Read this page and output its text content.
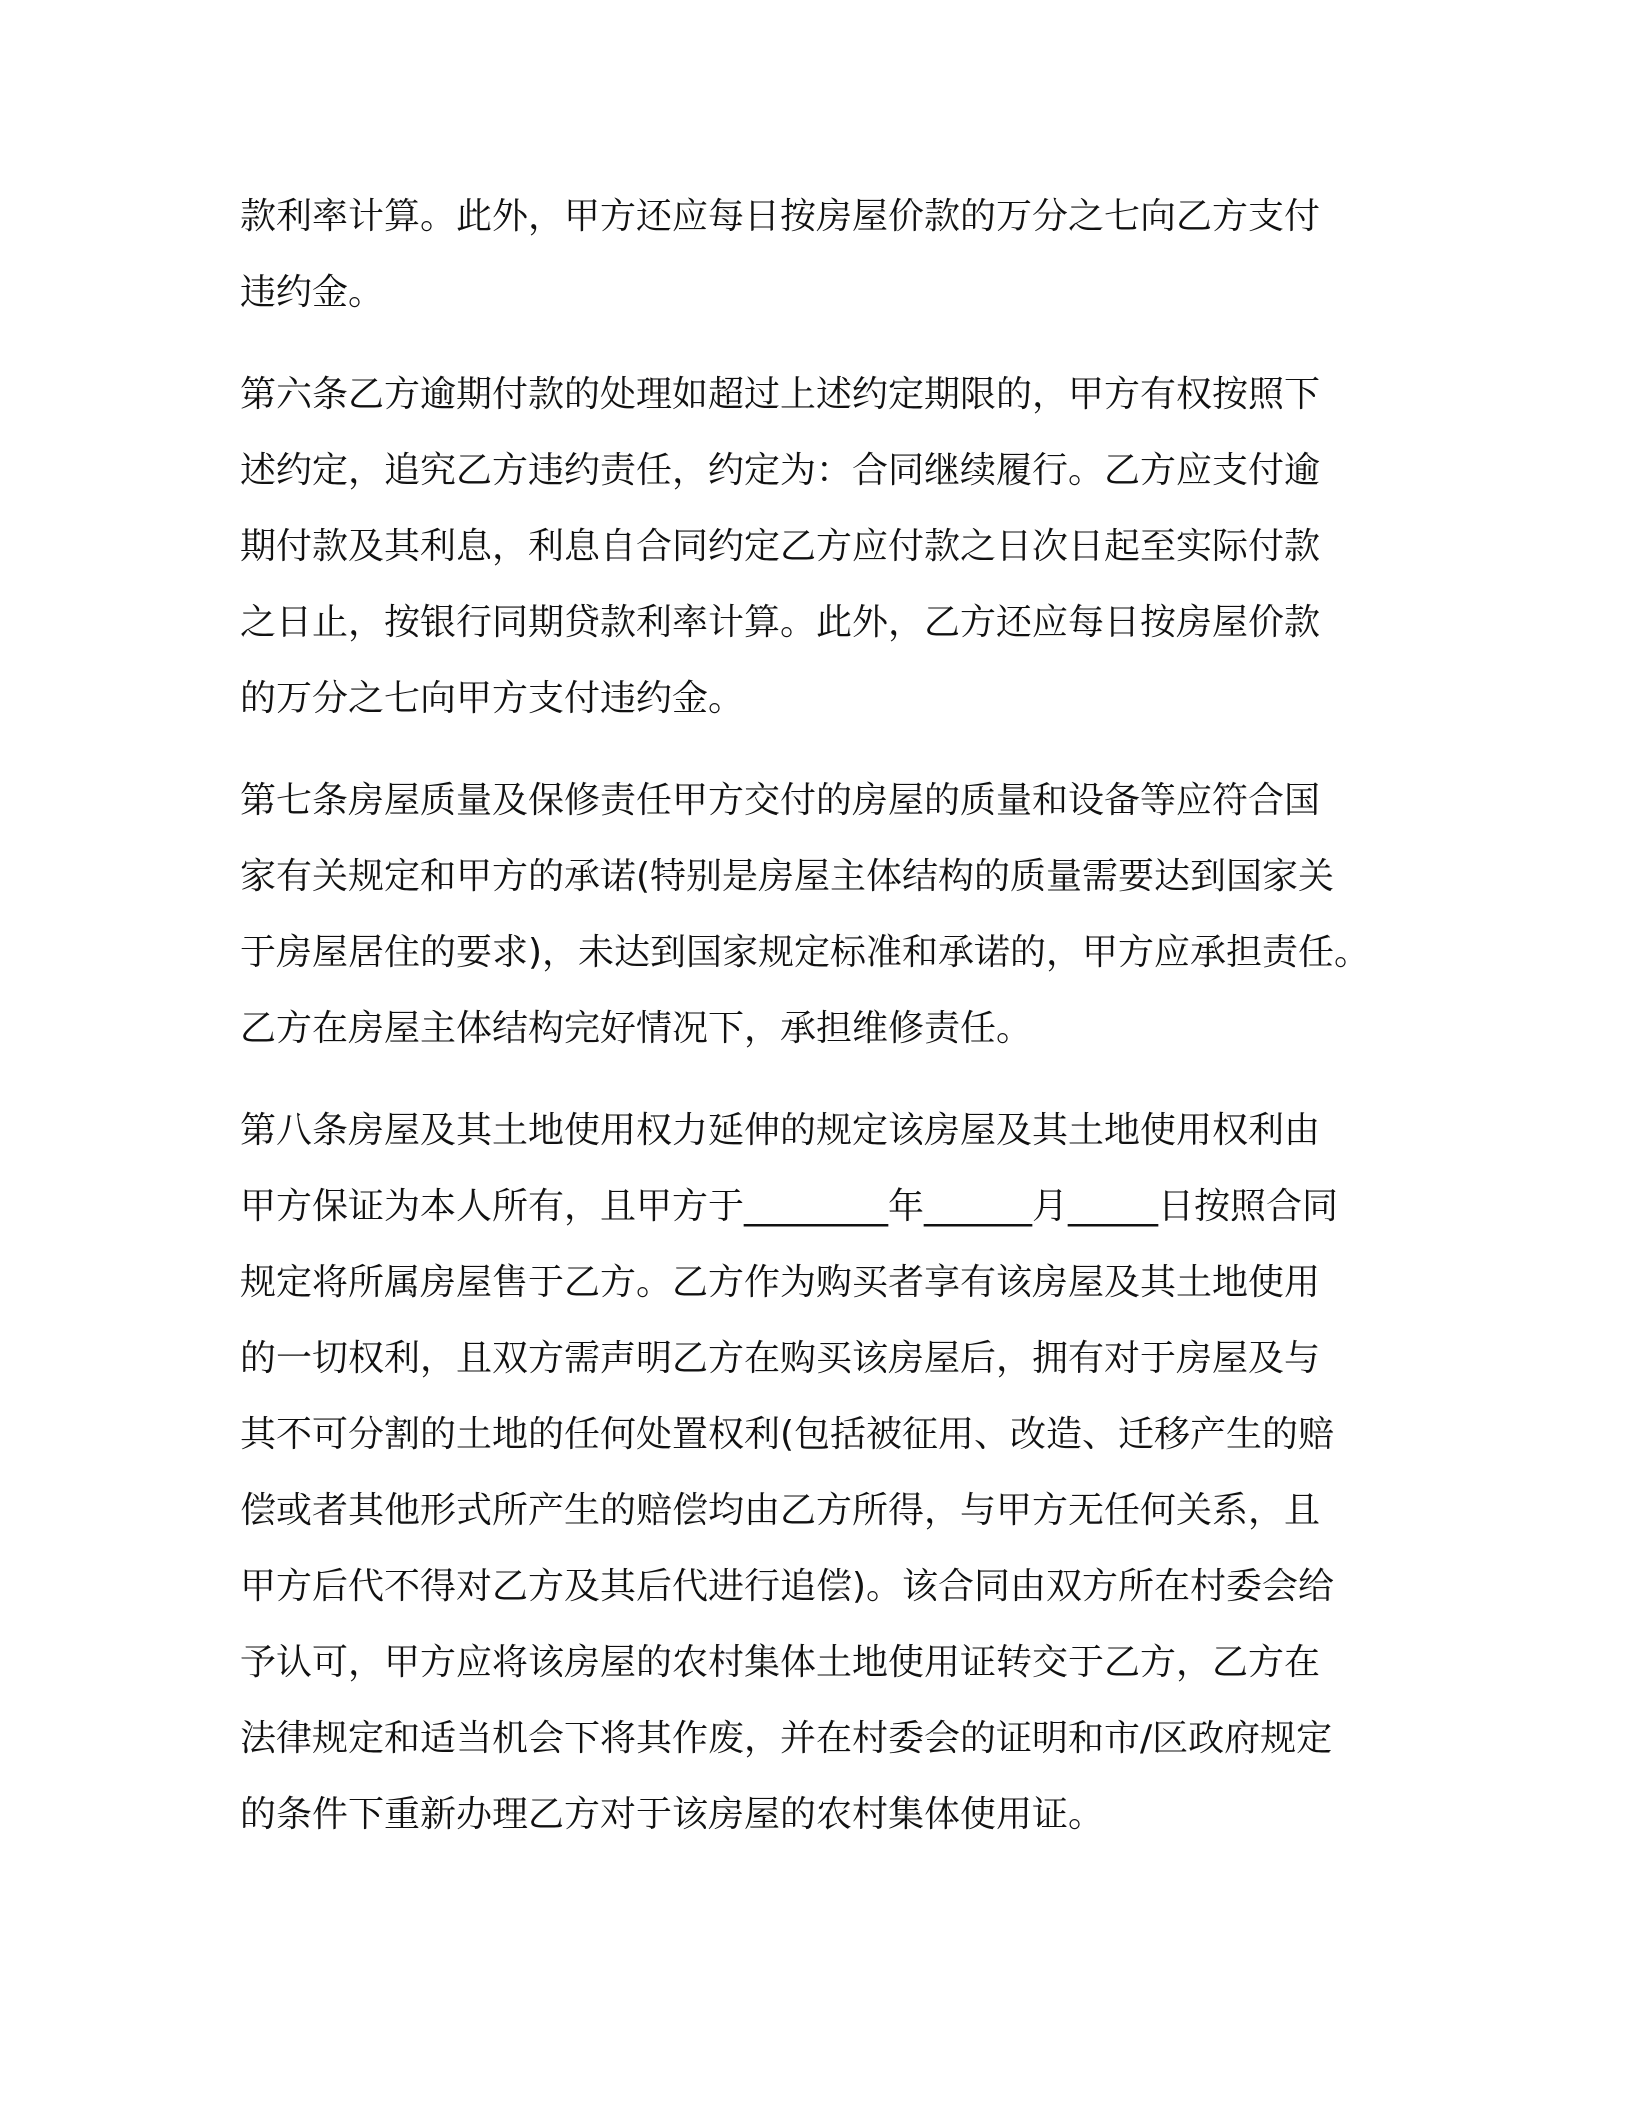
款利率计算。此外，甲方还应每日按房屋价款的万分之七向乙方支付

违约金。

第六条乙方逾期付款的处理如超过上述约定期限的，甲方有权按照下

述约定，追究乙方违约责任，约定为：合同继续履行。乙方应支付逾

期付款及其利息，利息自合同约定乙方应付款之日次日起至实际付款

之日止，按银行同期贷款利率计算。此外，乙方还应每日按房屋价款

的万分之七向甲方支付违约金。

第七条房屋质量及保修责任甲方交付的房屋的质量和设备等应符合国

家有关规定和甲方的承诺(特别是房屋主体结构的质量需要达到国家关

于房屋居住的要求)，未达到国家规定标准和承诺的，甲方应承担责任。

乙方在房屋主体结构完好情况下，承担维修责任。

第八条房屋及其土地使用权力延伸的规定该房屋及其土地使用权利由

甲方保证为本人所有，且甲方于________年______月_____日按照合同

规定将所属房屋售于乙方。乙方作为购买者享有该房屋及其土地使用

的一切权利，且双方需声明乙方在购买该房屋后，拥有对于房屋及与

其不可分割的土地的任何处置权利(包括被征用、改造、迁移产生的赔

偿或者其他形式所产生的赔偿均由乙方所得，与甲方无任何关系，且

甲方后代不得对乙方及其后代进行追偿)。该合同由双方所在村委会给

予认可，甲方应将该房屋的农村集体土地使用证转交于乙方，乙方在

法律规定和适当机会下将其作废，并在村委会的证明和市/区政府规定

的条件下重新办理乙方对于该房屋的农村集体使用证。
